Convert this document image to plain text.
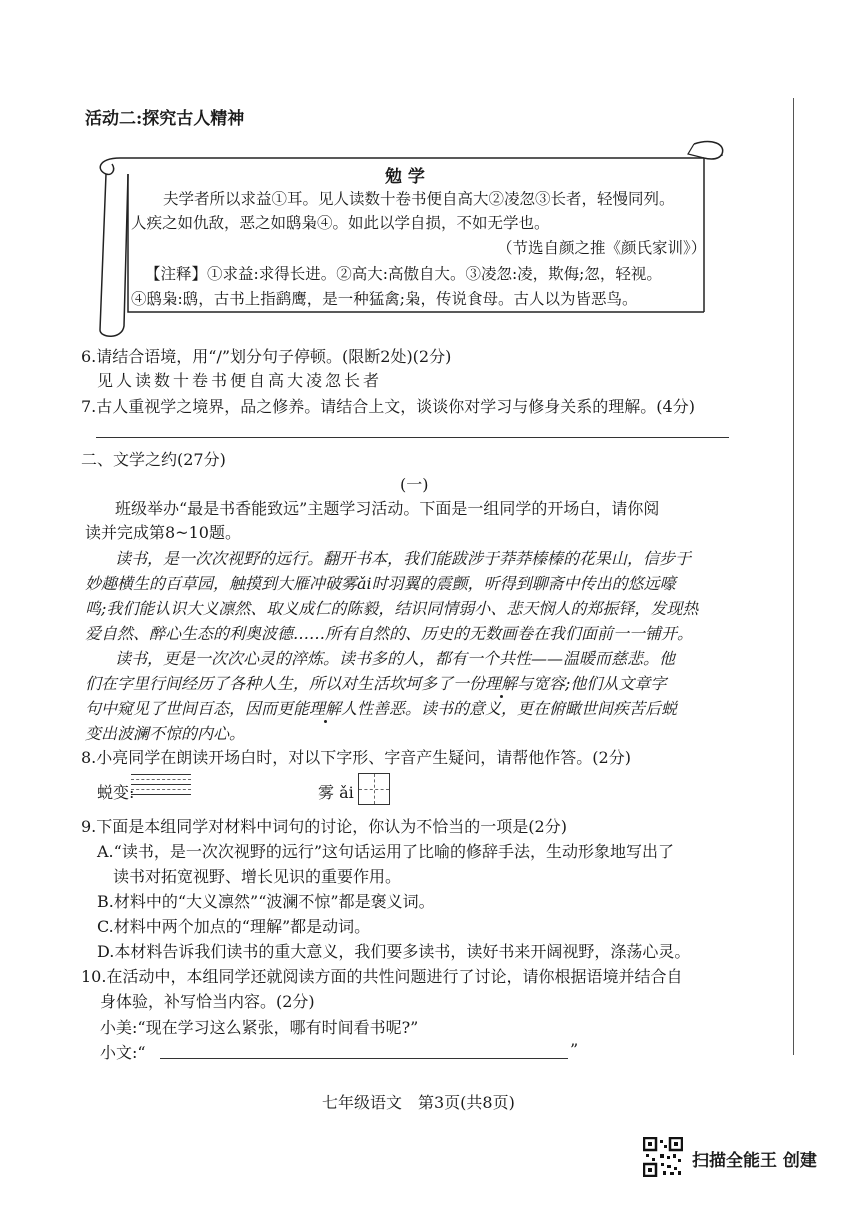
活动二:探究古人精神
勉 学
夫学者所以求益①耳。见人读数十卷书便自高大②凌忽③长者，轻慢同列。
人疾之如仇敌，恶之如鸱枭④。如此以学自损，不如无学也。
（节选自颜之推《颜氏家训》）
【注释】①求益:求得长进。②高大:高傲自大。③凌忽:凌，欺侮;忽，轻视。
④鸱枭:鸱，古书上指鹞鹰，是一种猛禽;枭，传说食母。古人以为皆恶鸟。
6.请结合语境，用“/”划分句子停顿。(限断2处)(2分)
见人读数十卷书便自高大凌忽长者
7.古人重视学之境界，品之修养。请结合上文，谈谈你对学习与修身关系的理解。(4分)
二、文学之约(27分)
(一)
班级举办“最是书香能致远”主题学习活动。下面是一组同学的开场白，请你阅
读并完成第8~10题。
读书，是一次次视野的远行。翻开书本，我们能跋涉于莽莽榛榛的花果山，信步于
妙趣横生的百草园，触摸到大雁冲破雾ǎi时羽翼的震颤，听得到聊斋中传出的悠远嚎
鸣;我们能认识大义凛然、取义成仁的陈毅，结识同情弱小、悲天悯人的郑振铎，发现热
爱自然、醉心生态的利奥波德……所有自然的、历史的无数画卷在我们面前一一铺开。
读书，更是一次次心灵的淬炼。读书多的人，都有一个共性——温暖而慈悲。他
们在字里行间经历了各种人生，所以对生活坎坷多了一份理解与宽容;他们从文章字
句中窥见了世间百态，因而更能理解人性善恶。读书的意义，更在俯瞰世间疾苦后蜕
变出波澜不惊的内心。
8.小亮同学在朗读开场白时，对以下字形、字音产生疑问，请帮他作答。(2分)
蜕变:	雾 ǎi
9.下面是本组同学对材料中词句的讨论，你认为不恰当的一项是(2分)
A.“读书，是一次次视野的远行”这句话运用了比喻的修辞手法，生动形象地写出了
读书对拓宽视野、增长见识的重要作用。
B.材料中的“大义凛然”“波澜不惊”都是褒义词。
C.材料中两个加点的“理解”都是动词。
D.本材料告诉我们读书的重大意义，我们要多读书，读好书来开阔视野，涤荡心灵。
10.在活动中，本组同学还就阅读方面的共性问题进行了讨论，请你根据语境并结合自
身体验，补写恰当内容。(2分)
小美:“现在学习这么紧张，哪有时间看书呢?”
小文:“	”
七年级语文　第3页(共8页)
扫描全能王 创建
